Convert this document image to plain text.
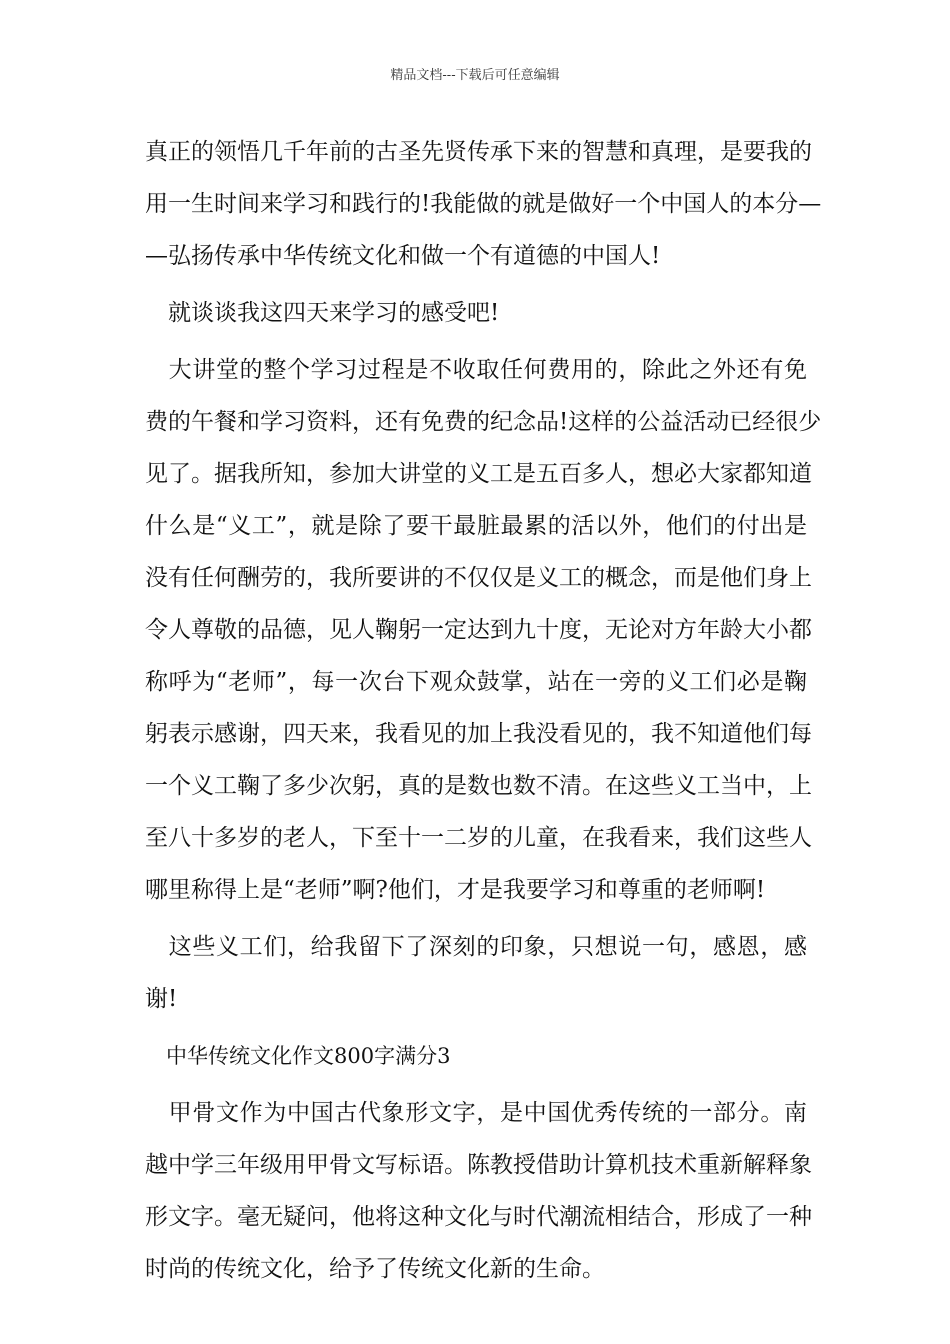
精品文档---下载后可任意编辑
真正的领悟几千年前的古圣先贤传承下来的智慧和真理，是要我的
用一生时间来学习和践行的!我能做的就是做好一个中国人的本分—
—弘扬传承中华传统文化和做一个有道德的中国人!
　就谈谈我这四天来学习的感受吧!
　大讲堂的整个学习过程是不收取任何费用的，除此之外还有免
费的午餐和学习资料，还有免费的纪念品!这样的公益活动已经很少
见了。据我所知，参加大讲堂的义工是五百多人，想必大家都知道
什么是“义工”，就是除了要干最脏最累的活以外，他们的付出是
没有任何酬劳的，我所要讲的不仅仅是义工的概念，而是他们身上
令人尊敬的品德，见人鞠躬一定达到九十度，无论对方年龄大小都
称呼为“老师”，每一次台下观众鼓掌，站在一旁的义工们必是鞠
躬表示感谢，四天来，我看见的加上我没看见的，我不知道他们每
一个义工鞠了多少次躬，真的是数也数不清。在这些义工当中，上
至八十多岁的老人，下至十一二岁的儿童，在我看来，我们这些人
哪里称得上是“老师”啊?他们，才是我要学习和尊重的老师啊!
　这些义工们，给我留下了深刻的印象，只想说一句，感恩，感
谢!
　中华传统文化作文800字满分3
　甲骨文作为中国古代象形文字，是中国优秀传统的一部分。南
越中学三年级用甲骨文写标语。陈教授借助计算机技术重新解释象
形文字。毫无疑问，他将这种文化与时代潮流相结合，形成了一种
时尚的传统文化，给予了传统文化新的生命。
